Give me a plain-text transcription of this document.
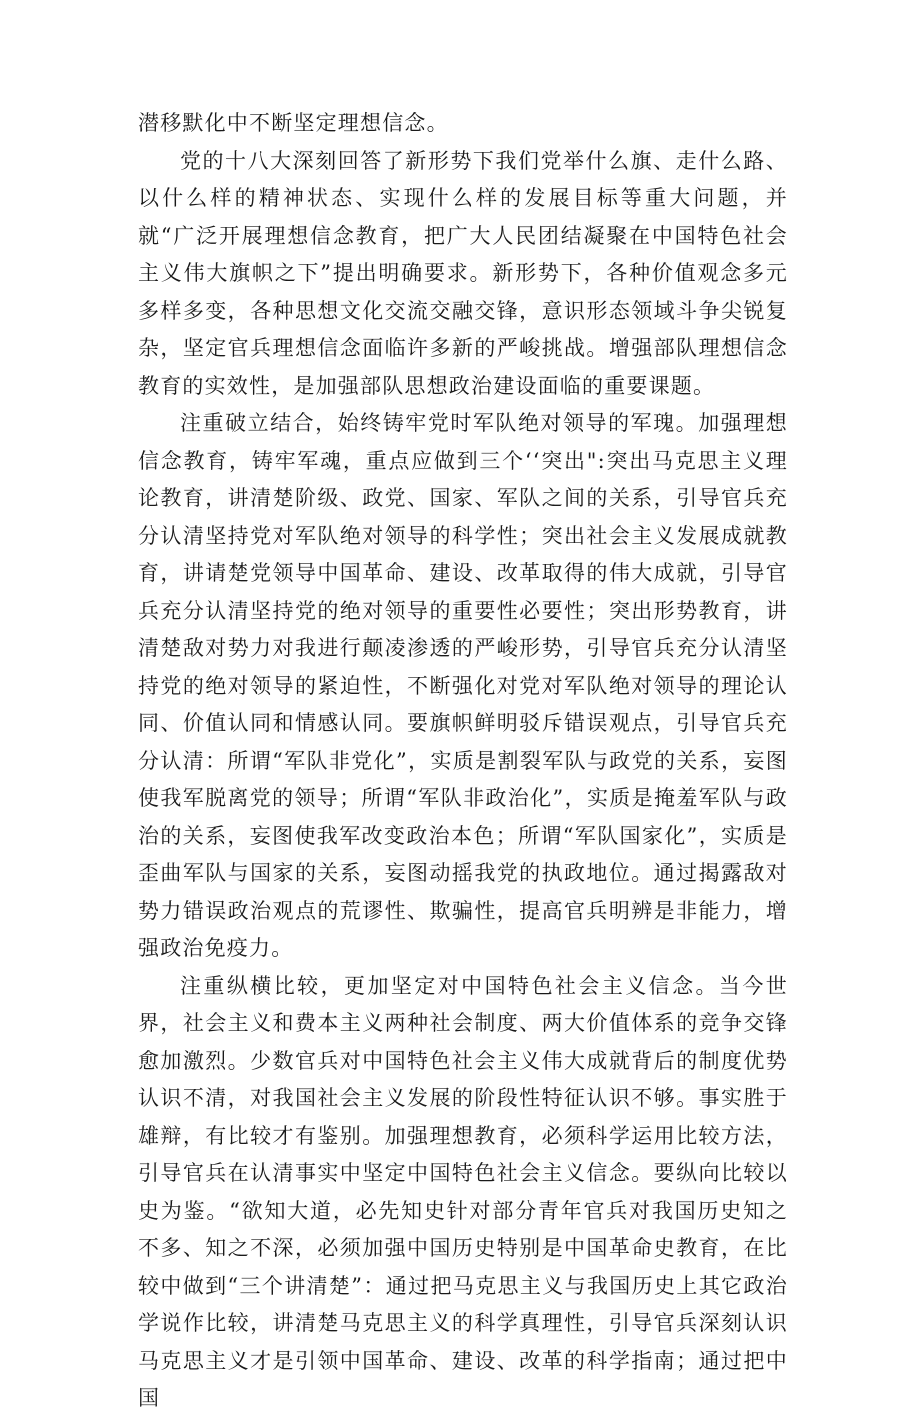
潜移默化中不断坚定理想信念。

党的十八大深刻回答了新形势下我们党举什么旗、走什么路、以什么样的精神状态、实现什么样的发展目标等重大问题，并就“广泛开展理想信念教育，把广大人民团结凝聚在中国特色社会主义伟大旗帜之下”提出明确要求。新形势下，各种价值观念多元多样多变，各种思想文化交流交融交锋，意识形态领域斗争尖锐复杂，坚定官兵理想信念面临许多新的严峻挑战。增强部队理想信念教育的实效性，是加强部队思想政治建设面临的重要课题。

注重破立结合，始终铸牢党时军队绝对领导的军瑰。加强理想信念教育，铸牢军魂，重点应做到三个‘‘突出":突出马克思主义理论教育，讲清楚阶级、政党、国家、军队之间的关系，引导官兵充分认清坚持党对军队绝对领导的科学性；突出社会主义发展成就教育，讲请楚党领导中国革命、建设、改革取得的伟大成就，引导官兵充分认清坚持党的绝对领导的重要性必要性；突出形势教育，讲清楚敌对势力对我进行颠凌渗透的严峻形势，引导官兵充分认清坚持党的绝对领导的紧迫性，不断强化对党对军队绝对领导的理论认同、价值认同和情感认同。要旗帜鲜明驳斥错误观点，引导官兵充分认清：所谓“军队非党化”，实质是割裂军队与政党的关系，妄图使我军脱离党的领导；所谓“军队非政治化”，实质是掩羞军队与政治的关系，妄图使我军改变政治本色；所谓“军队国家化”，实质是歪曲军队与国家的关系，妄图动摇我党的执政地位。通过揭露敌对势力错误政治观点的荒谬性、欺骗性，提高官兵明辨是非能力，增强政治免疫力。

注重纵横比较，更加坚定对中国特色社会主义信念。当今世界，社会主义和费本主义两种社会制度、两大价值体系的竞争交锋愈加激烈。少数官兵对中国特色社会主义伟大成就背后的制度优势认识不清，对我国社会主义发展的阶段性特征认识不够。事实胜于雄辩，有比较才有鉴别。加强理想教育，必须科学运用比较方法，引导官兵在认清事实中坚定中国特色社会主义信念。要纵向比较以史为鉴。“欲知大道，必先知史针对部分青年官兵对我国历史知之不多、知之不深，必须加强中国历史特别是中国革命史教育，在比较中做到“三个讲清楚”：通过把马克思主义与我国历史上其它政治学说作比较，讲清楚马克思主义的科学真理性，引导官兵深刻认识马克思主义才是引领中国革命、建设、改革的科学指南；通过把中国
